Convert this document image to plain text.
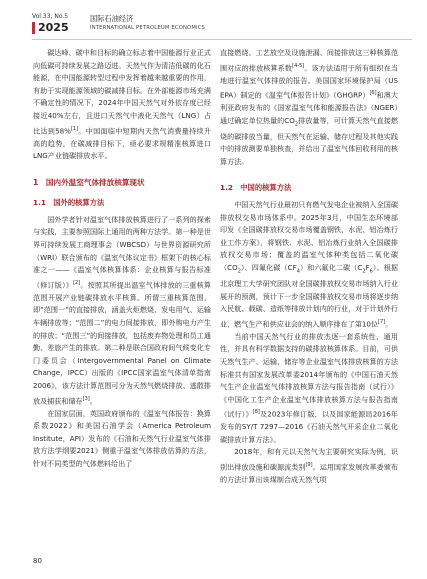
Vol.33, No.5
2025
国际石油经济
INTERNATIONAL PETROLEUM ECONOMICS

碳达峰、碳中和目标的确立标志着中国能源行业正式向低碳可持续发展之路迈进。天然气作为清洁低碳的化石能源，在中国能源转型过程中发挥着越来越重要的作用，有助于实现能源领域的碳减排目标。在外部能源市场充满不确定性的情况下，2024年中国天然气对外依存度已经接近40%左右，且进口天然气中液化天然气（LNG）占比达到58%[1]。中国面临中短期内天然气消费量持续升高的趋势，在碳减排目标下，亟必要求规精准核算进口LNG产业链碳排放水平。

1　国内外温室气体排放核算现状
1.1　国外的核算方法

国外学者针对温室气体排放核算进行了一系列的探索与实践，主要参照国际上通用的两种方法学。第一种是世界可持续发展工商理事会（WBCSD）与世界资源研究所（WRI）联合颁布的《温室气体议定书》框架下的核心标准之一——《温室气体核算体系：企业核算与报告标准（修订版）》[2]。按照其所提出温室气体排放的三重核算范围开展产业链碳排放水平核算。所谓三重核算范围，即“范围一”的直接排放，涵盖火炬燃烧、发电用气、运输车辆排放等；“范围二”的电力间接排放，即外购电力产生的排放；“范围三”的间接排放，包括废弃物处理和员工通勤、差旅产生的排放。第二种是联合国政府间气候变化专门委员会（Intergovernmental Panel on Climate Change，IPCC）出版的《IPCC国家温室气体清单指南2006》，该方法计算范围可分为天然气燃烧排放、逃散排放及捕获和储存[3]。

在国家层面，英国政府颁布的《温室气体报告：换算系数2022》和美国石油学会（America Petroleum Institute，API）发布的《石油和天然气行业温室气体排放方法学纲要2021》侧重于温室气体排放估算的方法，针对不同类型的气体燃料给出了

直接燃烧、工艺放空及设施泄漏、间接排放这三种核算范围对应的排放核算系数[4-5]。该方法适用于所有组织在当地进行温室气体排放的报告。美国国家环境保护局（US EPA）制定的《温室气体报告计划》（GHGRP）[6]和澳大利亚政府发布的《国家温室气体和能源报告法》（NGER）通过确定单位热量的$CO_2$排放量等，可计算天然气直接燃烧的碳排放当量，但天然气在运输、储存过程及其他实践中的排放测要单独核查，并给出了温室气体回收利用的核算方法。

1.2　中国的核算方法

中国天然气行业最初只有燃气发电企业被纳入全国碳排放权交易市场体系中。2025年3月，中国生态环境部印发《全国碳排放权交易市场覆盖钢铁、水泥、铝冶炼行业工作方案》，将钢铁、水泥、铝冶炼行业纳入全国碳排放权交易市场；覆盖的温室气体种类包括二氧化碳$(CO_2)$、四氟化碳$(CF_4)$和六氟化二碳$(C_2F_6)$。根据北京理工大学研究团队对全国碳排放权交易市场纳入行业展开的预测，预计下一步全国碳排放权交易市场将逐步纳入民航、载碳、造纸等排放计划内的行业，对于计划外行业，燃气生产和供应业会的纳入顺序排在了第10位[7]。

当前中国天然气行业的排放杰逐一套系统性、通用性，并具有科学数据支持的碳排放核算体系。目前，可供天然气生产、运输、储存等企业温室气体排放核算的方法标准共有国家发展改革委2014年颁布的《中国石油天然气生产企业温室气体排放核算方法与报告指南（试行）》《中国化工生产企业温室气体排放核算方法与报告指南（试行）》[8]及2023年修订版，以及国家能源局2016年发布的SY/T 7297—2016《石油天然气开采企业二氧化碳排放计算方法》。

2018年，和有元以天然气为主要研究实际为例，识别出排放设施和碳源流类别[9]。运用国家发展改革委颁布的方法计算出该煤制合成天然气项

80
